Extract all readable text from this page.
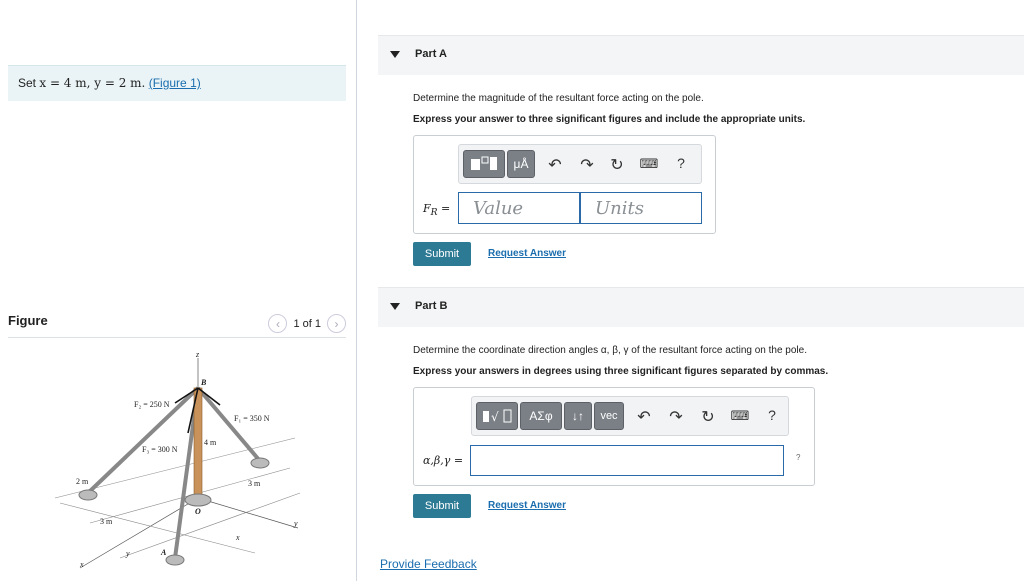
Set x = 4 m, y = 2 m. (Figure 1)
Figure	‹ 1 of 1 ›
z
B
F₂ = 250 N
F₁ = 350 N
F₃ = 300 N
4 m
2 m
3 m
3 m
O
A
x
y
x
y
Part A
Determine the magnitude of the resultant force acting on the pole.
Express your answer to three significant figures and include the appropriate units.
μÅ	↶ ↷ ↻ ⌨	?
$F_R$ =	Value	Units
Submit	Request Answer
Part B
Determine the coordinate direction angles α, β, γ of the resultant force acting on the pole.
Express your answers in degrees using three significant figures separated by commas.
√	ΑΣφ	↓↑	vec	↶ ↷ ↻ ⌨	?
α,β,γ =	?
Submit	Request Answer
Provide Feedback
